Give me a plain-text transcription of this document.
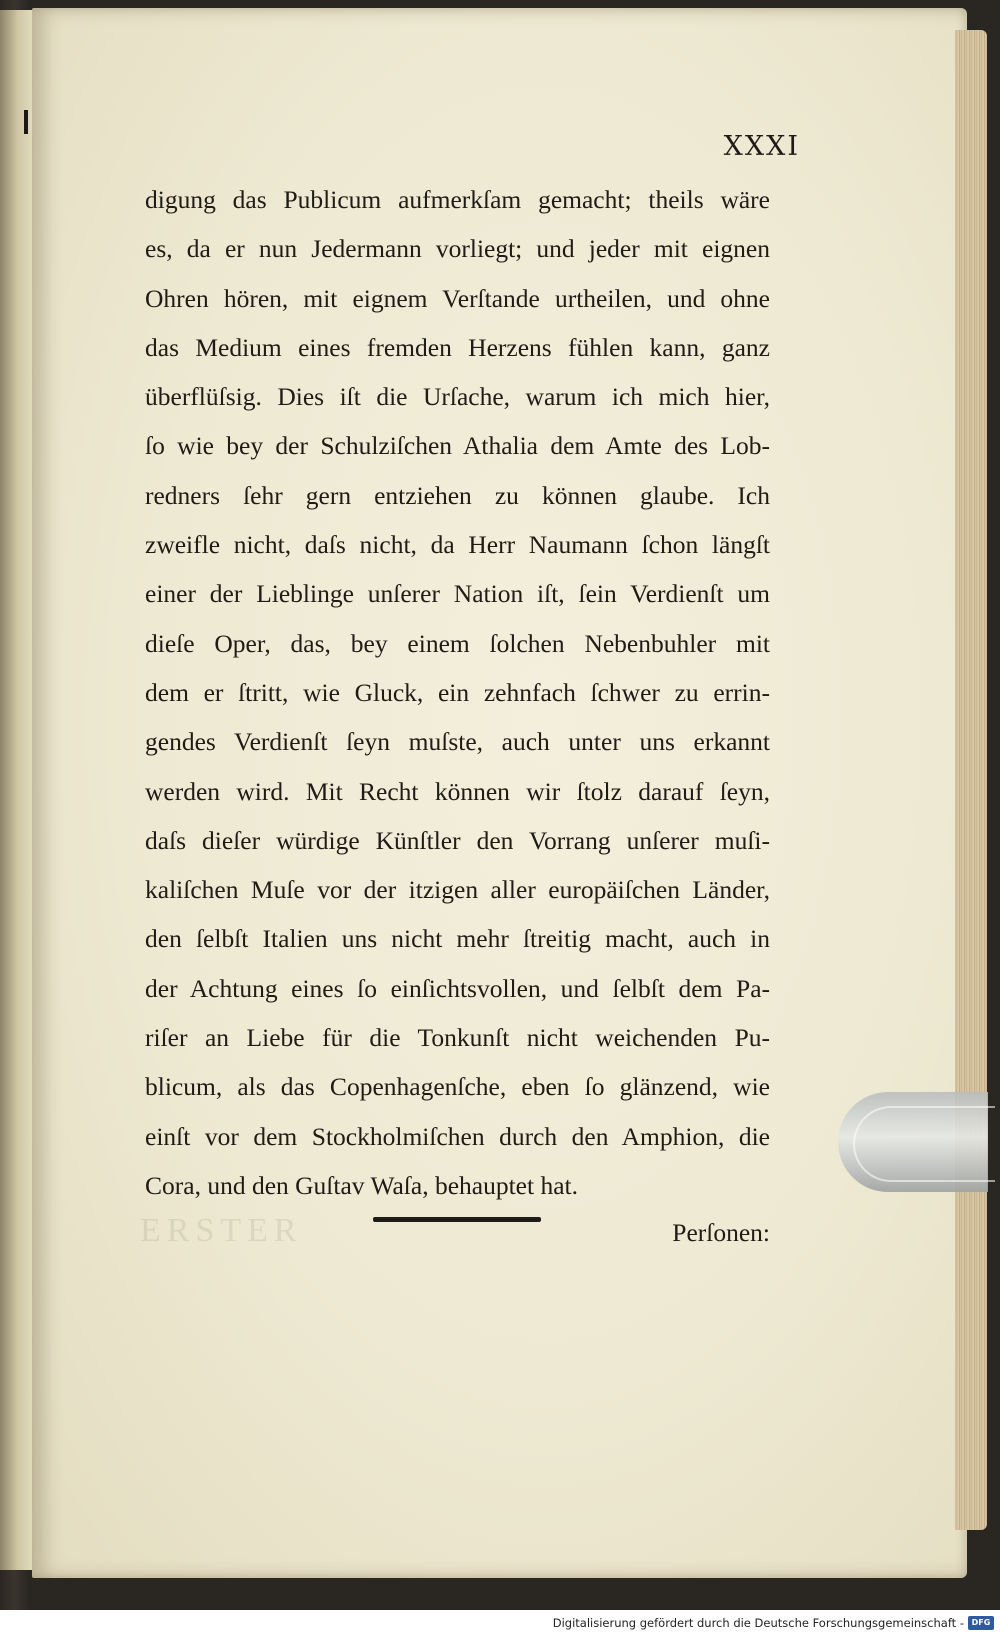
ERSTER
XXXI
digung das Publicum aufmerkſam gemacht; theils wäre
es, da er nun Jedermann vorliegt; und jeder mit eignen
Ohren hören, mit eignem Verſtande urtheilen, und ohne
das Medium eines fremden Herzens fühlen kann, ganz
überflüſsig. Dies iſt die Urſache, warum ich mich hier,
ſo wie bey der Schulziſchen Athalia dem Amte des Lob-
redners ſehr gern entziehen zu können glaube. Ich
zweifle nicht, daſs nicht, da Herr Naumann ſchon längſt
einer der Lieblinge unſerer Nation iſt, ſein Verdienſt um
dieſe Oper, das, bey einem ſolchen Nebenbuhler mit
dem er ſtritt, wie Gluck, ein zehnfach ſchwer zu errin-
gendes Verdienſt ſeyn muſste, auch unter uns erkannt
werden wird. Mit Recht können wir ſtolz darauf ſeyn,
daſs dieſer würdige Künſtler den Vorrang unſerer muſi-
kaliſchen Muſe vor der itzigen aller europäiſchen Länder,
den ſelbſt Italien uns nicht mehr ſtreitig macht, auch in
der Achtung eines ſo einſichtsvollen, und ſelbſt dem Pa-
riſer an Liebe für die Tonkunſt nicht weichenden Pu-
blicum, als das Copenhagenſche, eben ſo glänzend, wie
einſt vor dem Stockholmiſchen durch den Amphion, die
Cora, und den Guſtav Waſa, behauptet hat.
Perſonen:
Digitalisierung gefördert durch die Deutsche Forschungsgemeinschaft - DFG
